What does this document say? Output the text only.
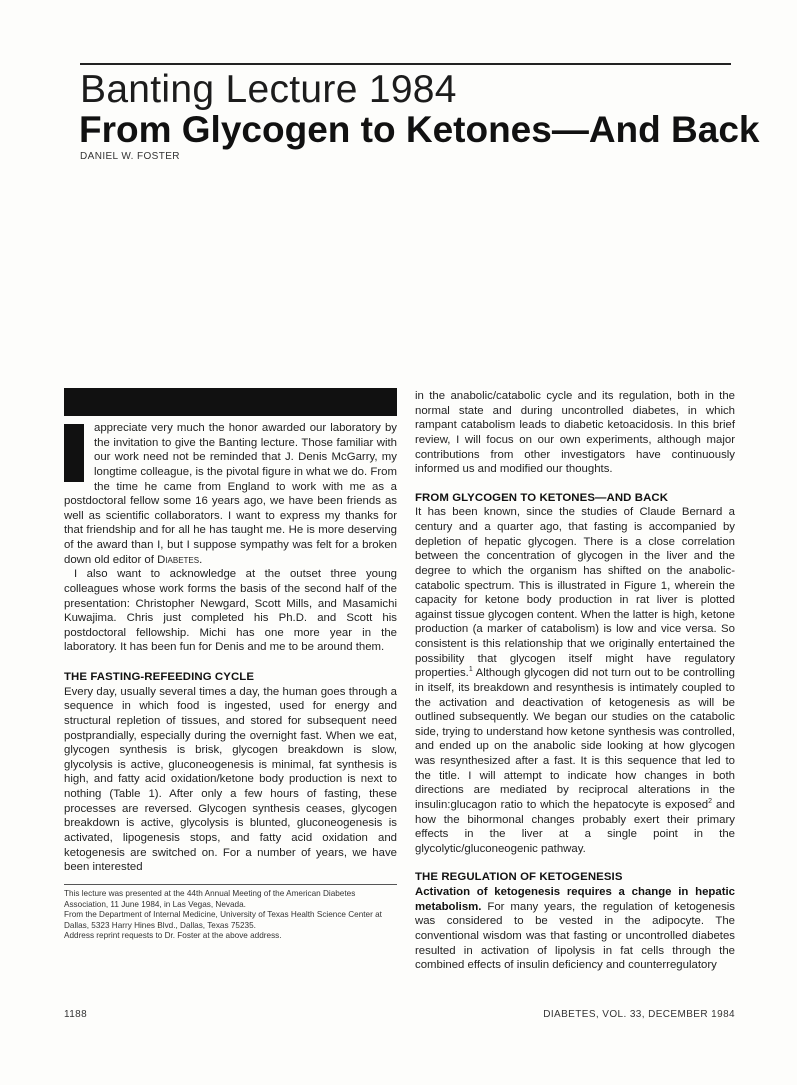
Banting Lecture 1984
From Glycogen to Ketones—And Back
DANIEL W. FOSTER

appreciate very much the honor awarded our laboratory by the invitation to give the Banting lecture. Those familiar with our work need not be reminded that J. Denis McGarry, my longtime colleague, is the pivotal figure in what we do. From the time he came from England to work with me as a postdoctoral fellow some 16 years ago, we have been friends as well as scientific collaborators. I want to express my thanks for that friendship and for all he has taught me. He is more deserving of the award than I, but I suppose sympathy was felt for a broken down old editor of Diabetes.

I also want to acknowledge at the outset three young colleagues whose work forms the basis of the second half of the presentation: Christopher Newgard, Scott Mills, and Masamichi Kuwajima. Chris just completed his Ph.D. and Scott his postdoctoral fellowship. Michi has one more year in the laboratory. It has been fun for Denis and me to be around them.

THE FASTING-REFEEDING CYCLE

Every day, usually several times a day, the human goes through a sequence in which food is ingested, used for energy and structural repletion of tissues, and stored for subsequent need postprandially, especially during the overnight fast. When we eat, glycogen synthesis is brisk, glycogen breakdown is slow, glycolysis is active, gluconeogenesis is minimal, fat synthesis is high, and fatty acid oxidation/ketone body production is next to nothing (Table 1). After only a few hours of fasting, these processes are reversed. Glycogen synthesis ceases, glycogen breakdown is active, glycolysis is blunted, gluconeogenesis is activated, lipogenesis stops, and fatty acid oxidation and ketogenesis are switched on. For a number of years, we have been interested

This lecture was presented at the 44th Annual Meeting of the American Diabetes Association, 11 June 1984, in Las Vegas, Nevada.
From the Department of Internal Medicine, University of Texas Health Science Center at Dallas, 5323 Harry Hines Blvd., Dallas, Texas 75235.
Address reprint requests to Dr. Foster at the above address.

in the anabolic/catabolic cycle and its regulation, both in the normal state and during uncontrolled diabetes, in which rampant catabolism leads to diabetic ketoacidosis. In this brief review, I will focus on our own experiments, although major contributions from other investigators have continuously informed us and modified our thoughts.

FROM GLYCOGEN TO KETONES—AND BACK

It has been known, since the studies of Claude Bernard a century and a quarter ago, that fasting is accompanied by depletion of hepatic glycogen. There is a close correlation between the concentration of glycogen in the liver and the degree to which the organism has shifted on the anabolic-catabolic spectrum. This is illustrated in Figure 1, wherein the capacity for ketone body production in rat liver is plotted against tissue glycogen content. When the latter is high, ketone production (a marker of catabolism) is low and vice versa. So consistent is this relationship that we originally entertained the possibility that glycogen itself might have regulatory properties.$^1$ Although glycogen did not turn out to be controlling in itself, its breakdown and resynthesis is intimately coupled to the activation and deactivation of ketogenesis as will be outlined subsequently. We began our studies on the catabolic side, trying to understand how ketone synthesis was controlled, and ended up on the anabolic side looking at how glycogen was resynthesized after a fast. It is this sequence that led to the title. I will attempt to indicate how changes in both directions are mediated by reciprocal alterations in the insulin:glucagon ratio to which the hepatocyte is exposed$^2$ and how the bihormonal changes probably exert their primary effects in the liver at a single point in the glycolytic/gluconeogenic pathway.

THE REGULATION OF KETOGENESIS

Activation of ketogenesis requires a change in hepatic metabolism. For many years, the regulation of ketogenesis was considered to be vested in the adipocyte. The conventional wisdom was that fasting or uncontrolled diabetes resulted in activation of lipolysis in fat cells through the combined effects of insulin deficiency and counterregulatory

1188	DIABETES, VOL. 33, DECEMBER 1984
